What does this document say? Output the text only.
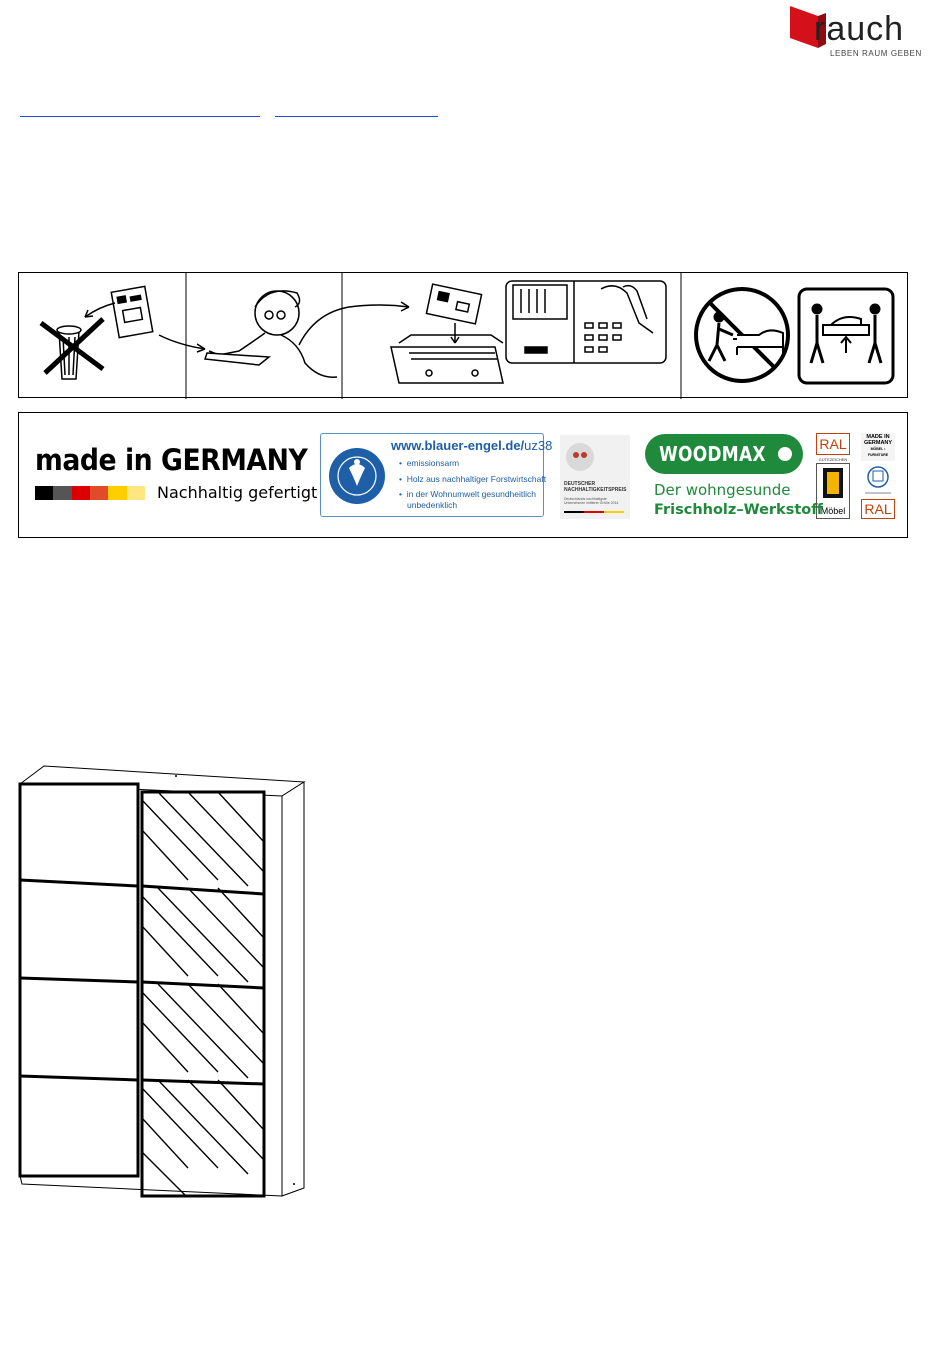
rauch
LEBEN RAUM GEBEN
made in GERMANY
Nachhaltig gefertigt
www.blauer-engel.de/uz38
•  emissionsarm
•  Holz aus nachhaltiger Forstwirtschaft
•  in der Wohnumwelt gesundheitlich
unbedenklich
DEUTSCHER
NACHHALTIGKEITSPREIS
Deutschlands nachhaltigste
Unternehmen mittlerer Größe 2014
WOODMAX
Der wohngesunde
Frischholz–Werkstoff
RAL
GÜTEZEICHEN
Möbel
MADE IN
GERMANY
MÖBEL • FURNITURE
RAL
